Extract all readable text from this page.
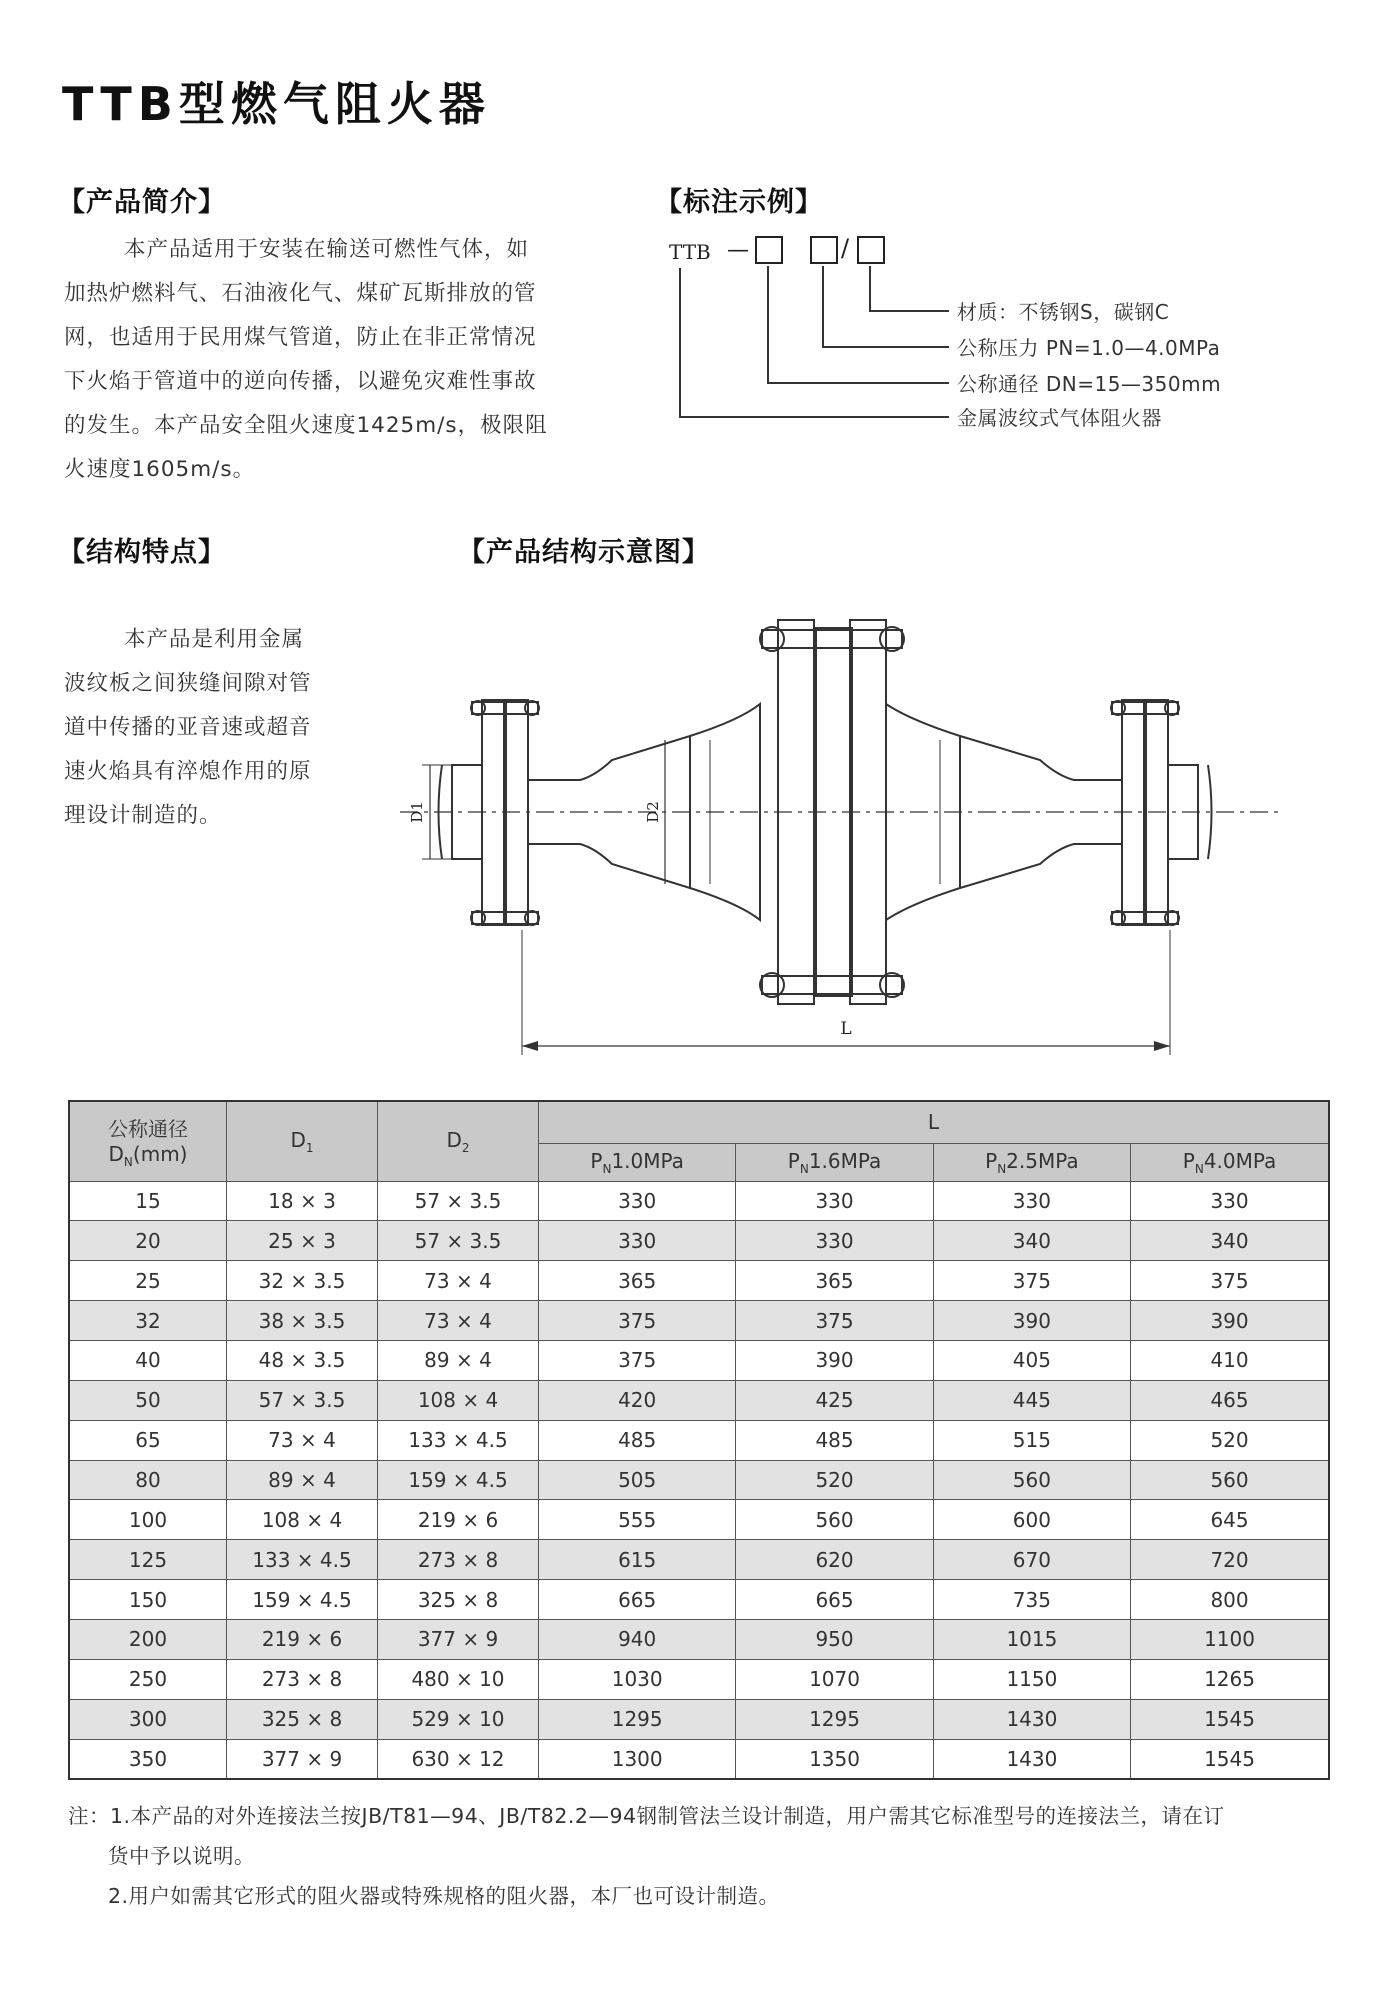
TTB型燃气阻火器
【产品简介】

本产品适用于安装在输送可燃性气体，如

加热炉燃料气、石油液化气、煤矿瓦斯排放的管

网，也适用于民用煤气管道，防止在非正常情况

下火焰于管道中的逆向传播，以避免灾难性事故

的发生。本产品安全阻火速度1425m/s，极限阻

火速度1605m/s。

【标注示例】
TTB —	/
材质：不锈钢S，碳钢C
公称压力 PN=1.0—4.0MPa
公称通径 DN=15—350mm
金属波纹式气体阻火器
【结构特点】

本产品是利用金属

波纹板之间狭缝间隙对管

道中传播的亚音速或超音

速火焰具有淬熄作用的原

理设计制造的。

【产品结构示意图】
D1	D2
L
公称通径
$D_N(mm)$	$D_1$	$D_2$	L			
			$P_N1.0MPa$	$P_N1.6MPa$	$P_N2.5MPa$	$P_N4.0MPa$
15	18 × 3	57 × 3.5	330	330	330	330
20	25 × 3	57 × 3.5	330	330	340	340
25	32 × 3.5	73 × 4	365	365	375	375
32	38 × 3.5	73 × 4	375	375	390	390
40	48 × 3.5	89 × 4	375	390	405	410
50	57 × 3.5	108 × 4	420	425	445	465
65	73 × 4	133 × 4.5	485	485	515	520
80	89 × 4	159 × 4.5	505	520	560	560
100	108 × 4	219 × 6	555	560	600	645
125	133 × 4.5	273 × 8	615	620	670	720
150	159 × 4.5	325 × 8	665	665	735	800
200	219 × 6	377 × 9	940	950	1015	1100
250	273 × 8	480 × 10	1030	1070	1150	1265
300	325 × 8	529 × 10	1295	1295	1430	1545
350	377 × 9	630 × 12	1300	1350	1430	1545
注：1.本产品的对外连接法兰按JB/T81—94、JB/T82.2—94钢制管法兰设计制造，用户需其它标准型号的连接法兰，请在订
货中予以说明。
2.用户如需其它形式的阻火器或特殊规格的阻火器，本厂也可设计制造。
